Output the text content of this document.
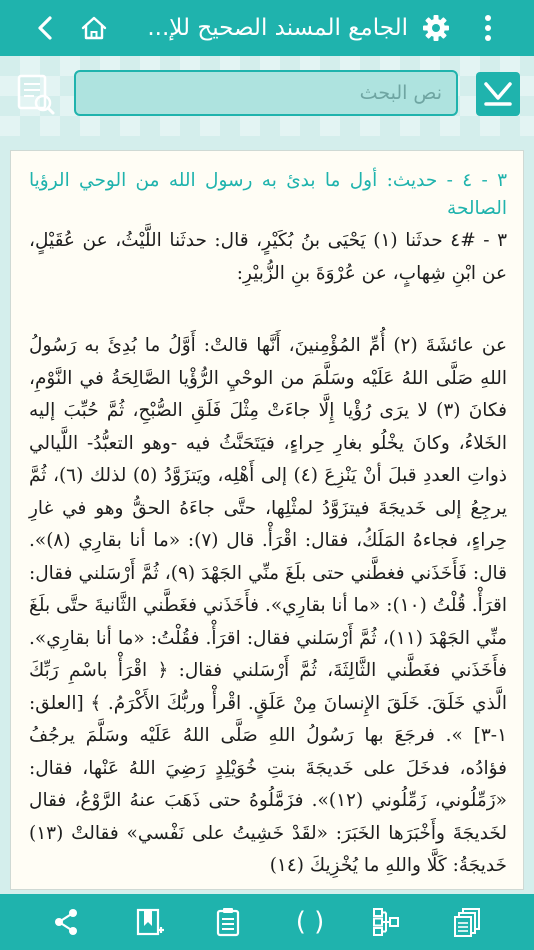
الجامع المسند الصحيح للإ...
نص البحث

٣ - ٤ - حديث: أول ما بدئ به رسول الله من الوحي الرؤيا الصالحة

٣ - #٤ حدثَنا (١) يَحْيَى بنُ بُكَيْرٍ، قال: حدثَنا اللَّيْثُ، عن عُقَيْلٍ، عن ابْنِ شِهابٍ، عن عُرْوَةَ بنِ الزُّبيْرِ:

عن عائشَةَ (٢) أُمِّ المُؤْمِنينَ، أَنَّها قالتْ: أَوَّلُ ما بُدِئَ به رَسُولُ اللهِ صَلَّى اللهُ عَلَيْه وسَلَّمَ من الوحْيِ الرُّؤْيا الصَّالِحَةُ في النَّوْمِ، فكانَ (٣) لا يرَى رُؤْيا إِلَّا جاءَتْ مِثْلَ فَلَقِ الصُّبْحِ، ثُمَّ حُبِّبَ إليه الخَلاءُ، وكانَ يخْلُو بغارِ حِراءٍ، فيَتَحَنَّثُ فيه -وهو التعبُّدُ- اللَّيالي ذواتِ العددِ قبلَ أنْ يَنْزِعَ (٤) إلى أَهْلِه، ويَتزَوَّدُ (٥) لذلك (٦)، ثُمَّ يرجِعُ إلى خَديجَةَ فيتزَوَّدُ لمثْلِها، حتَّى جاءَهُ الحقُّ وهو في غارِ حِراءٍ، فجاءهُ المَلَكُ، فقال: اقْرَأْ. قال (٧): «ما أنا بقارِي (٨)». قال: فَأَخَذَني فغطَّني حتى بلَغَ منِّي الجَهْدَ (٩)، ثُمَّ أَرْسَلني فقال: اقرَأْ. قُلْتُ (١٠): «ما أنا بقارِي». فأَخَذَني فغَطَّني الثَّانيةَ حتَّى بلَغَ منِّي الجَهْدَ (١١)، ثُمَّ أَرْسَلني فقال: اقرَأْ. فقُلْتُ: «ما أنا بقارِي». فأَخَذَني فغَطَّني الثَّالِثَةَ، ثُمَّ أَرْسَلني فقال: ﴿ اقْرَأْ باسْمِ رَبِّكَ الَّذي خَلَقَ. خَلَقَ الإِنسانَ مِنْ عَلَقٍ. اقْرأْ وربُّكَ الأَكْرَمُ. ﴾ [العلق: ١-٣] ». فرجَعَ بها رَسُولُ اللهِ صَلَّى اللهُ عَلَيْه وسَلَّمَ يرجُفُ فؤادُه، فدخَلَ على خَديجَةَ بنتِ خُوَيْلِدٍ رَضِيَ اللهُ عَنْها، فقال: «زَمِّلُوني، زَمِّلُوني (١٢)». فزَمَّلُوهُ حتى ذَهَبَ عنهُ الرَّوْعُ، فقال لخَديجَةَ وأَخْبَرَها الخَبَرَ: «لقَدْ خَشِيتُ على نَفْسي» فقالتْ (١٣) خَديجَةُ: كَلَّا واللهِ ما يُخْزِيكَ (١٤)

( )
